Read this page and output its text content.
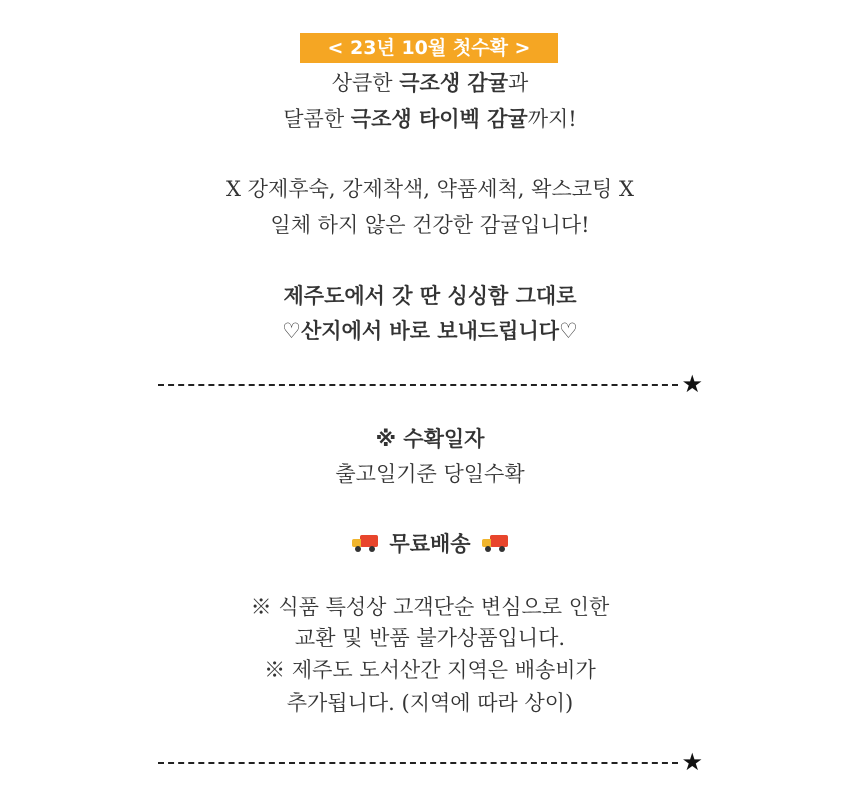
< 23년 10월 첫수확 >
상큼한 극조생 감귤과
달콤한 극조생 타이벡 감귤까지!
X 강제후숙, 강제착색, 약품세척, 왁스코팅 X
일체 하지 않은 건강한 감귤입니다!
제주도에서 갓 딴 싱싱함 그대로
♡산지에서 바로 보내드립니다♡
★
※ 수확일자
출고일기준 당일수확
무료배송
※ 식품 특성상 고객단순 변심으로 인한
교환 및 반품 불가상품입니다.
※ 제주도 도서산간 지역은 배송비가
추가됩니다. (지역에 따라 상이)
★
